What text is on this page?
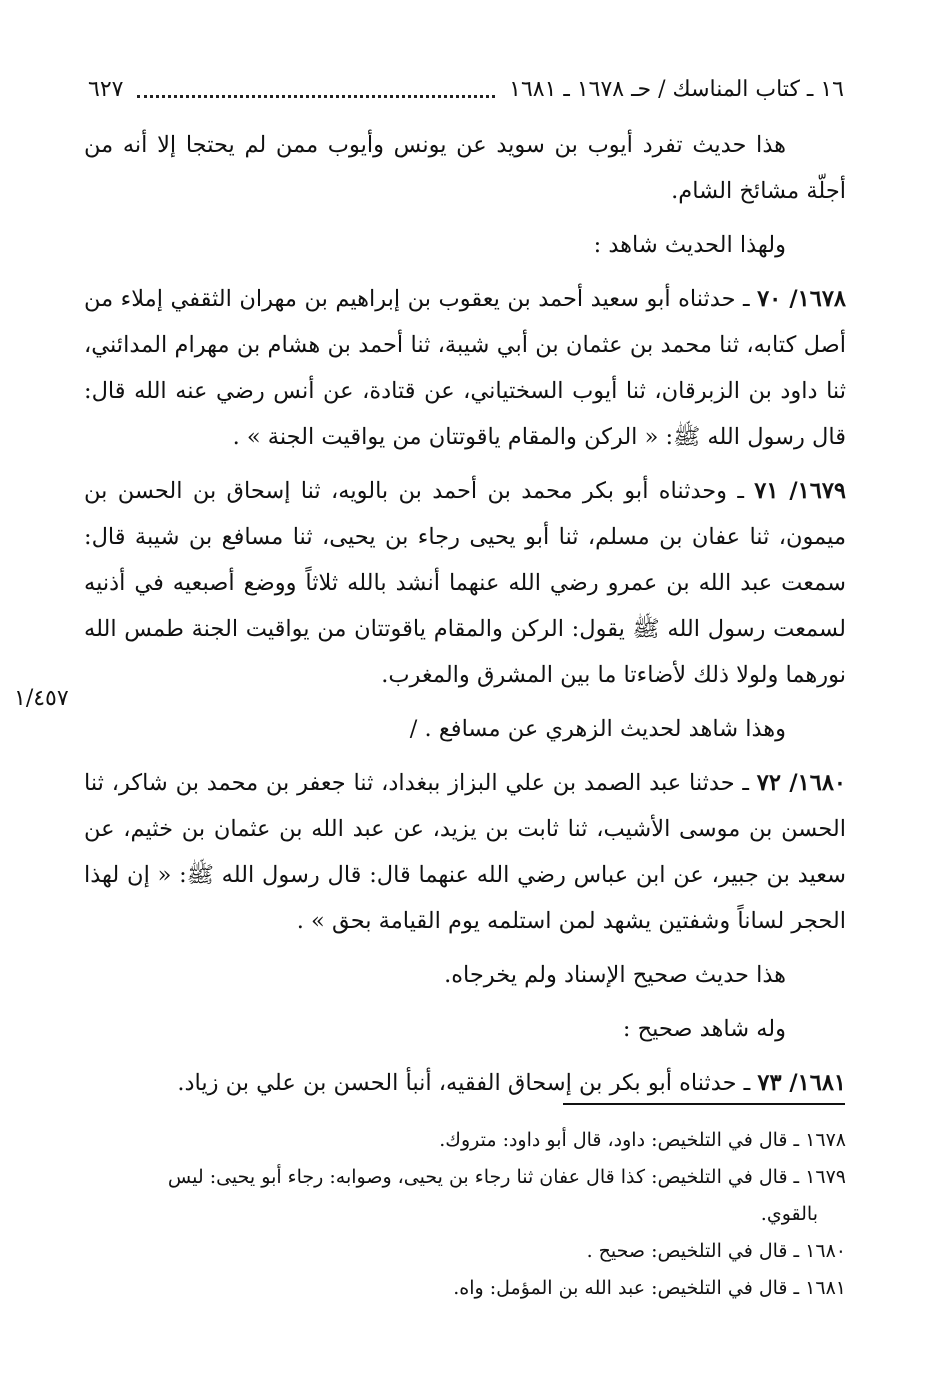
١٦ ـ كتاب المناسك / حـ ١٦٧٨ ـ ١٦٨١
٦٢٧
١/٤٥٧

هذا حديث تفرد أيوب بن سويد عن يونس وأيوب ممن لم يحتجا إلا أنه من أجلّة مشائخ الشام.

ولهذا الحديث شاهد :

١٦٧٨/ ٧٠ ـ حدثناه أبو سعيد أحمد بن يعقوب بن إبراهيم بن مهران الثقفي إملاء من أصل كتابه، ثنا محمد بن عثمان بن أبي شيبة، ثنا أحمد بن هشام بن مهرام المدائني، ثنا داود بن الزبرقان، ثنا أيوب السختياني، عن قتادة، عن أنس رضي عنه الله قال: قال رسول الله ﷺ: « الركن والمقام ياقوتتان من يواقيت الجنة » .

١٦٧٩/ ٧١ ـ وحدثناه أبو بكر محمد بن أحمد بن بالويه، ثنا إسحاق بن الحسن بن ميمون، ثنا عفان بن مسلم، ثنا أبو يحيى رجاء بن يحيى، ثنا مسافع بن شيبة قال: سمعت عبد الله بن عمرو رضي الله عنهما أنشد بالله ثلاثاً ووضع أصبعيه في أذنيه لسمعت رسول الله ﷺ يقول: الركن والمقام ياقوتتان من يواقيت الجنة طمس الله نورهما ولولا ذلك لأضاءتا ما بين المشرق والمغرب.

وهذا شاهد لحديث الزهري عن مسافع . /

١٦٨٠/ ٧٢ ـ حدثنا عبد الصمد بن علي البزاز ببغداد، ثنا جعفر بن محمد بن شاكر، ثنا الحسن بن موسى الأشيب، ثنا ثابت بن يزيد، عن عبد الله بن عثمان بن خثيم، عن سعيد بن جبير، عن ابن عباس رضي الله عنهما قال: قال رسول الله ﷺ: « إن لهذا الحجر لساناً وشفتين يشهد لمن استلمه يوم القيامة بحق » .

هذا حديث صحيح الإسناد ولم يخرجاه.

وله شاهد صحيح :

١٦٨١/ ٧٣ ـ حدثناه أبو بكر بن إسحاق الفقيه، أنبأ الحسن بن علي بن زياد.

١٦٧٨ ـ قال في التلخيص: داود، قال أبو داود: متروك.

١٦٧٩ ـ قال في التلخيص: كذا قال عفان ثنا رجاء بن يحيى، وصوابه: رجاء أبو يحيى: ليس

بالقوي.

١٦٨٠ ـ قال في التلخيص: صحيح .

١٦٨١ ـ قال في التلخيص: عبد الله بن المؤمل: واه.
